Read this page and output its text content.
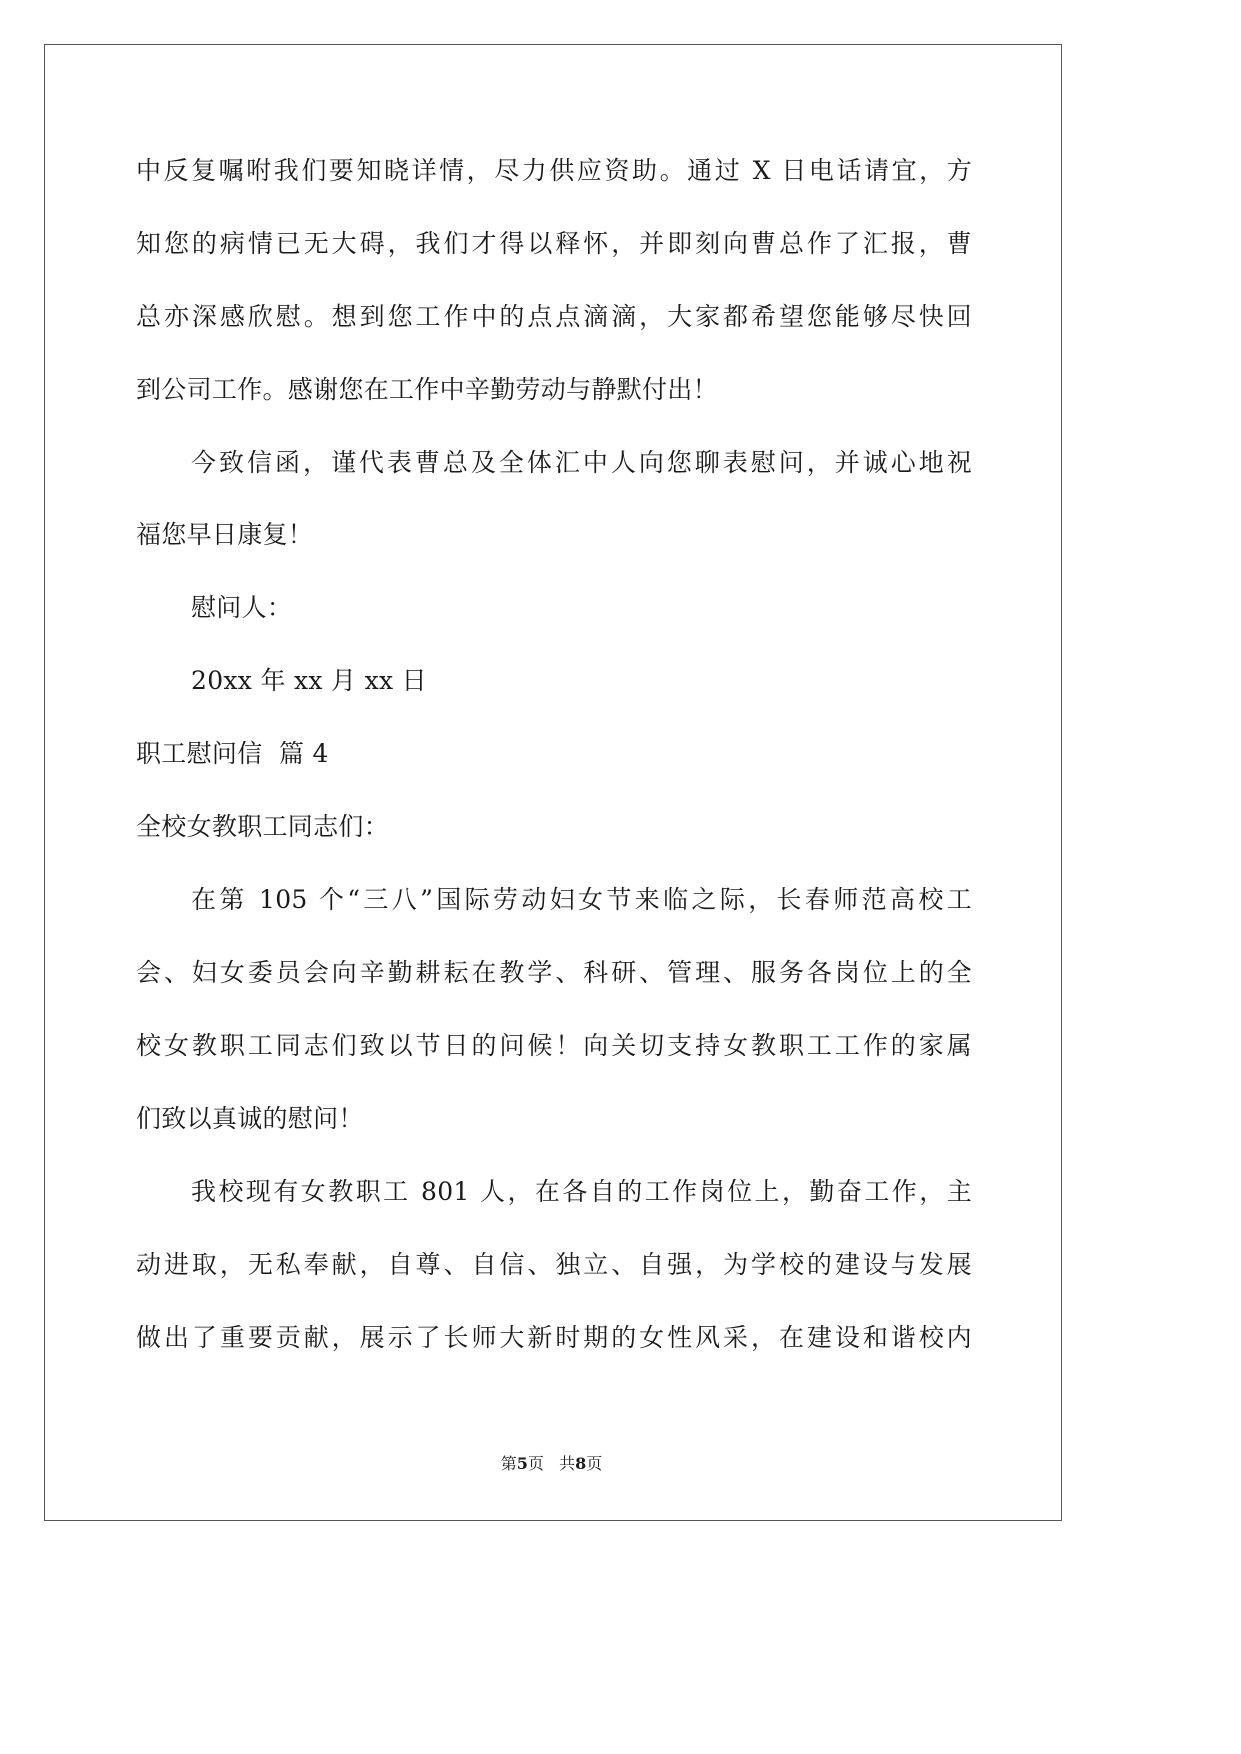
中反复嘱咐我们要知晓详情，尽力供应资助。通过 X 日电话请宜，方
知您的病情已无大碍，我们才得以释怀，并即刻向曹总作了汇报，曹
总亦深感欣慰。想到您工作中的点点滴滴，大家都希望您能够尽快回
到公司工作。感谢您在工作中辛勤劳动与静默付出！
今致信函，谨代表曹总及全体汇中人向您聊表慰问，并诚心地祝
福您早日康复！
慰问人：
20xx 年 xx 月 xx 日
职工慰问信  篇 4
全校女教职工同志们：
在第 105 个“三八”国际劳动妇女节来临之际，长春师范高校工
会、妇女委员会向辛勤耕耘在教学、科研、管理、服务各岗位上的全
校女教职工同志们致以节日的问候！向关切支持女教职工工作的家属
们致以真诚的慰问！
我校现有女教职工 801 人，在各自的工作岗位上，勤奋工作，主
动进取，无私奉献，自尊、自信、独立、自强，为学校的建设与发展
做出了重要贡献，展示了长师大新时期的女性风采，在建设和谐校内
第5页   共8页
